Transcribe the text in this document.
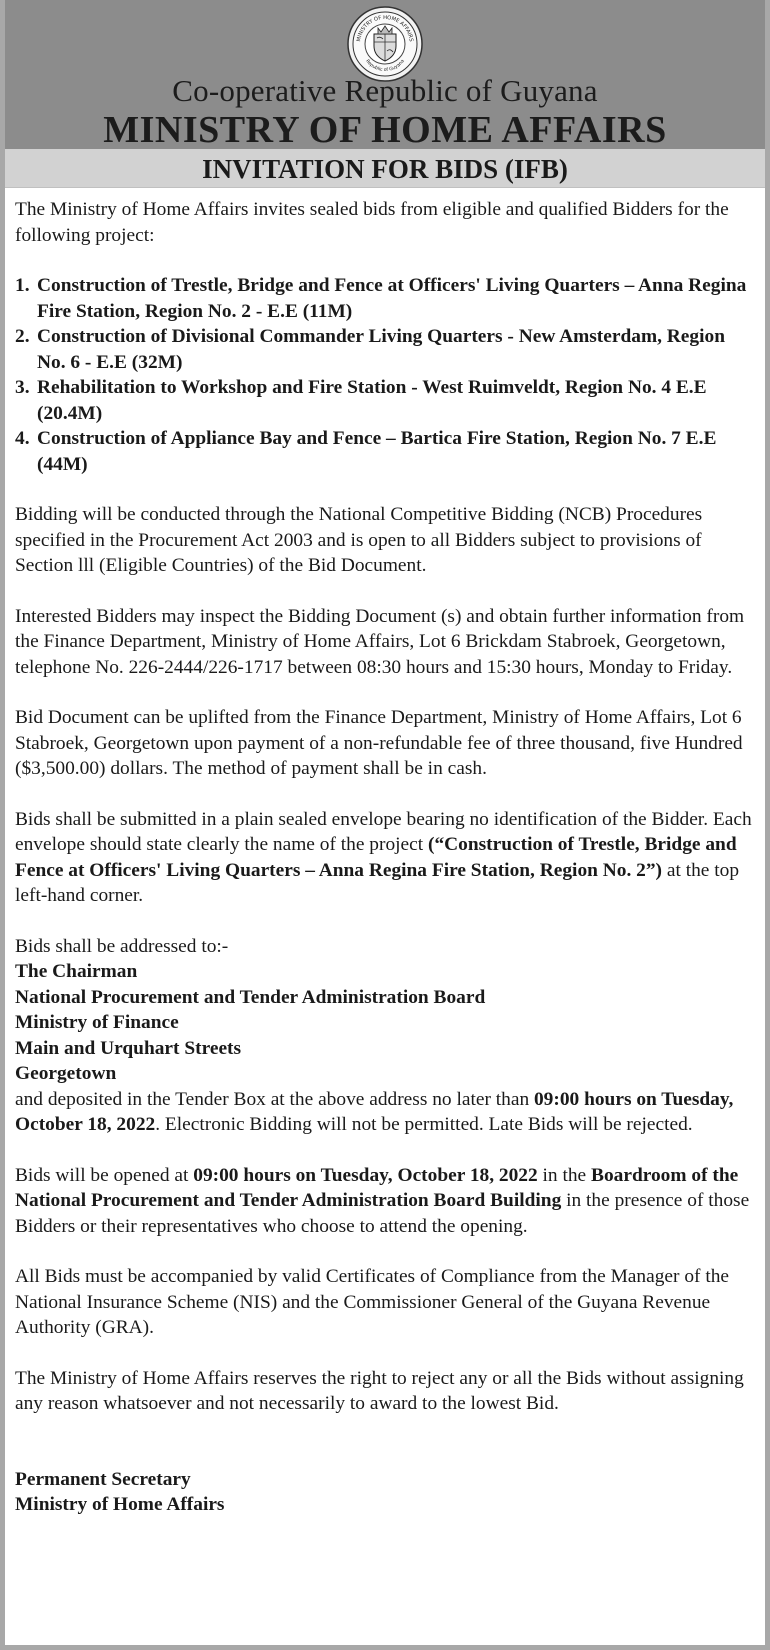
MINISTRY OF HOME AFFAIRS
Republic of Guyana
Co-operative Republic of Guyana
MINISTRY OF HOME AFFAIRS
INVITATION FOR BIDS (IFB)

The Ministry of Home Affairs invites sealed bids from eligible and qualified Bidders for the following project:

1. Construction of Trestle, Bridge and Fence at Officers' Living Quarters – Anna Regina Fire Station, Region No. 2 - E.E (11M)
2. Construction of Divisional Commander Living Quarters - New Amsterdam, Region No. 6 - E.E (32M)
3. Rehabilitation to Workshop and Fire Station - West Ruimveldt, Region No. 4 E.E (20.4M)
4. Construction of Appliance Bay and Fence – Bartica Fire Station, Region No. 7 E.E (44M)

Bidding will be conducted through the National Competitive Bidding (NCB) Procedures specified in the Procurement Act 2003 and is open to all Bidders subject to provisions of Section lll (Eligible Countries) of the Bid Document.

Interested Bidders may inspect the Bidding Document (s) and obtain further information from the Finance Department, Ministry of Home Affairs, Lot 6 Brickdam Stabroek, Georgetown, telephone No. 226-2444/226-1717 between 08:30 hours and 15:30 hours, Monday to Friday.

Bid Document can be uplifted from the Finance Department, Ministry of Home Affairs, Lot 6 Stabroek, Georgetown upon payment of a non-refundable fee of three thousand, five Hundred ($3,500.00) dollars. The method of payment shall be in cash.

Bids shall be submitted in a plain sealed envelope bearing no identification of the Bidder. Each envelope should state clearly the name of the project (“Construction of Trestle, Bridge and Fence at Officers' Living Quarters – Anna Regina Fire Station, Region No. 2”) at the top left-hand corner.

Bids shall be addressed to:-
The Chairman
National Procurement and Tender Administration Board
Ministry of Finance
Main and Urquhart Streets
Georgetown
and deposited in the Tender Box at the above address no later than 09:00 hours on Tuesday, October 18, 2022. Electronic Bidding will not be permitted. Late Bids will be rejected.

Bids will be opened at 09:00 hours on Tuesday, October 18, 2022 in the Boardroom of the National Procurement and Tender Administration Board Building in the presence of those Bidders or their representatives who choose to attend the opening.

All Bids must be accompanied by valid Certificates of Compliance from the Manager of the National Insurance Scheme (NIS) and the Commissioner General of the Guyana Revenue Authority (GRA).

The Ministry of Home Affairs reserves the right to reject any or all the Bids without assigning any reason whatsoever and not necessarily to award to the lowest Bid.

Permanent Secretary
Ministry of Home Affairs
